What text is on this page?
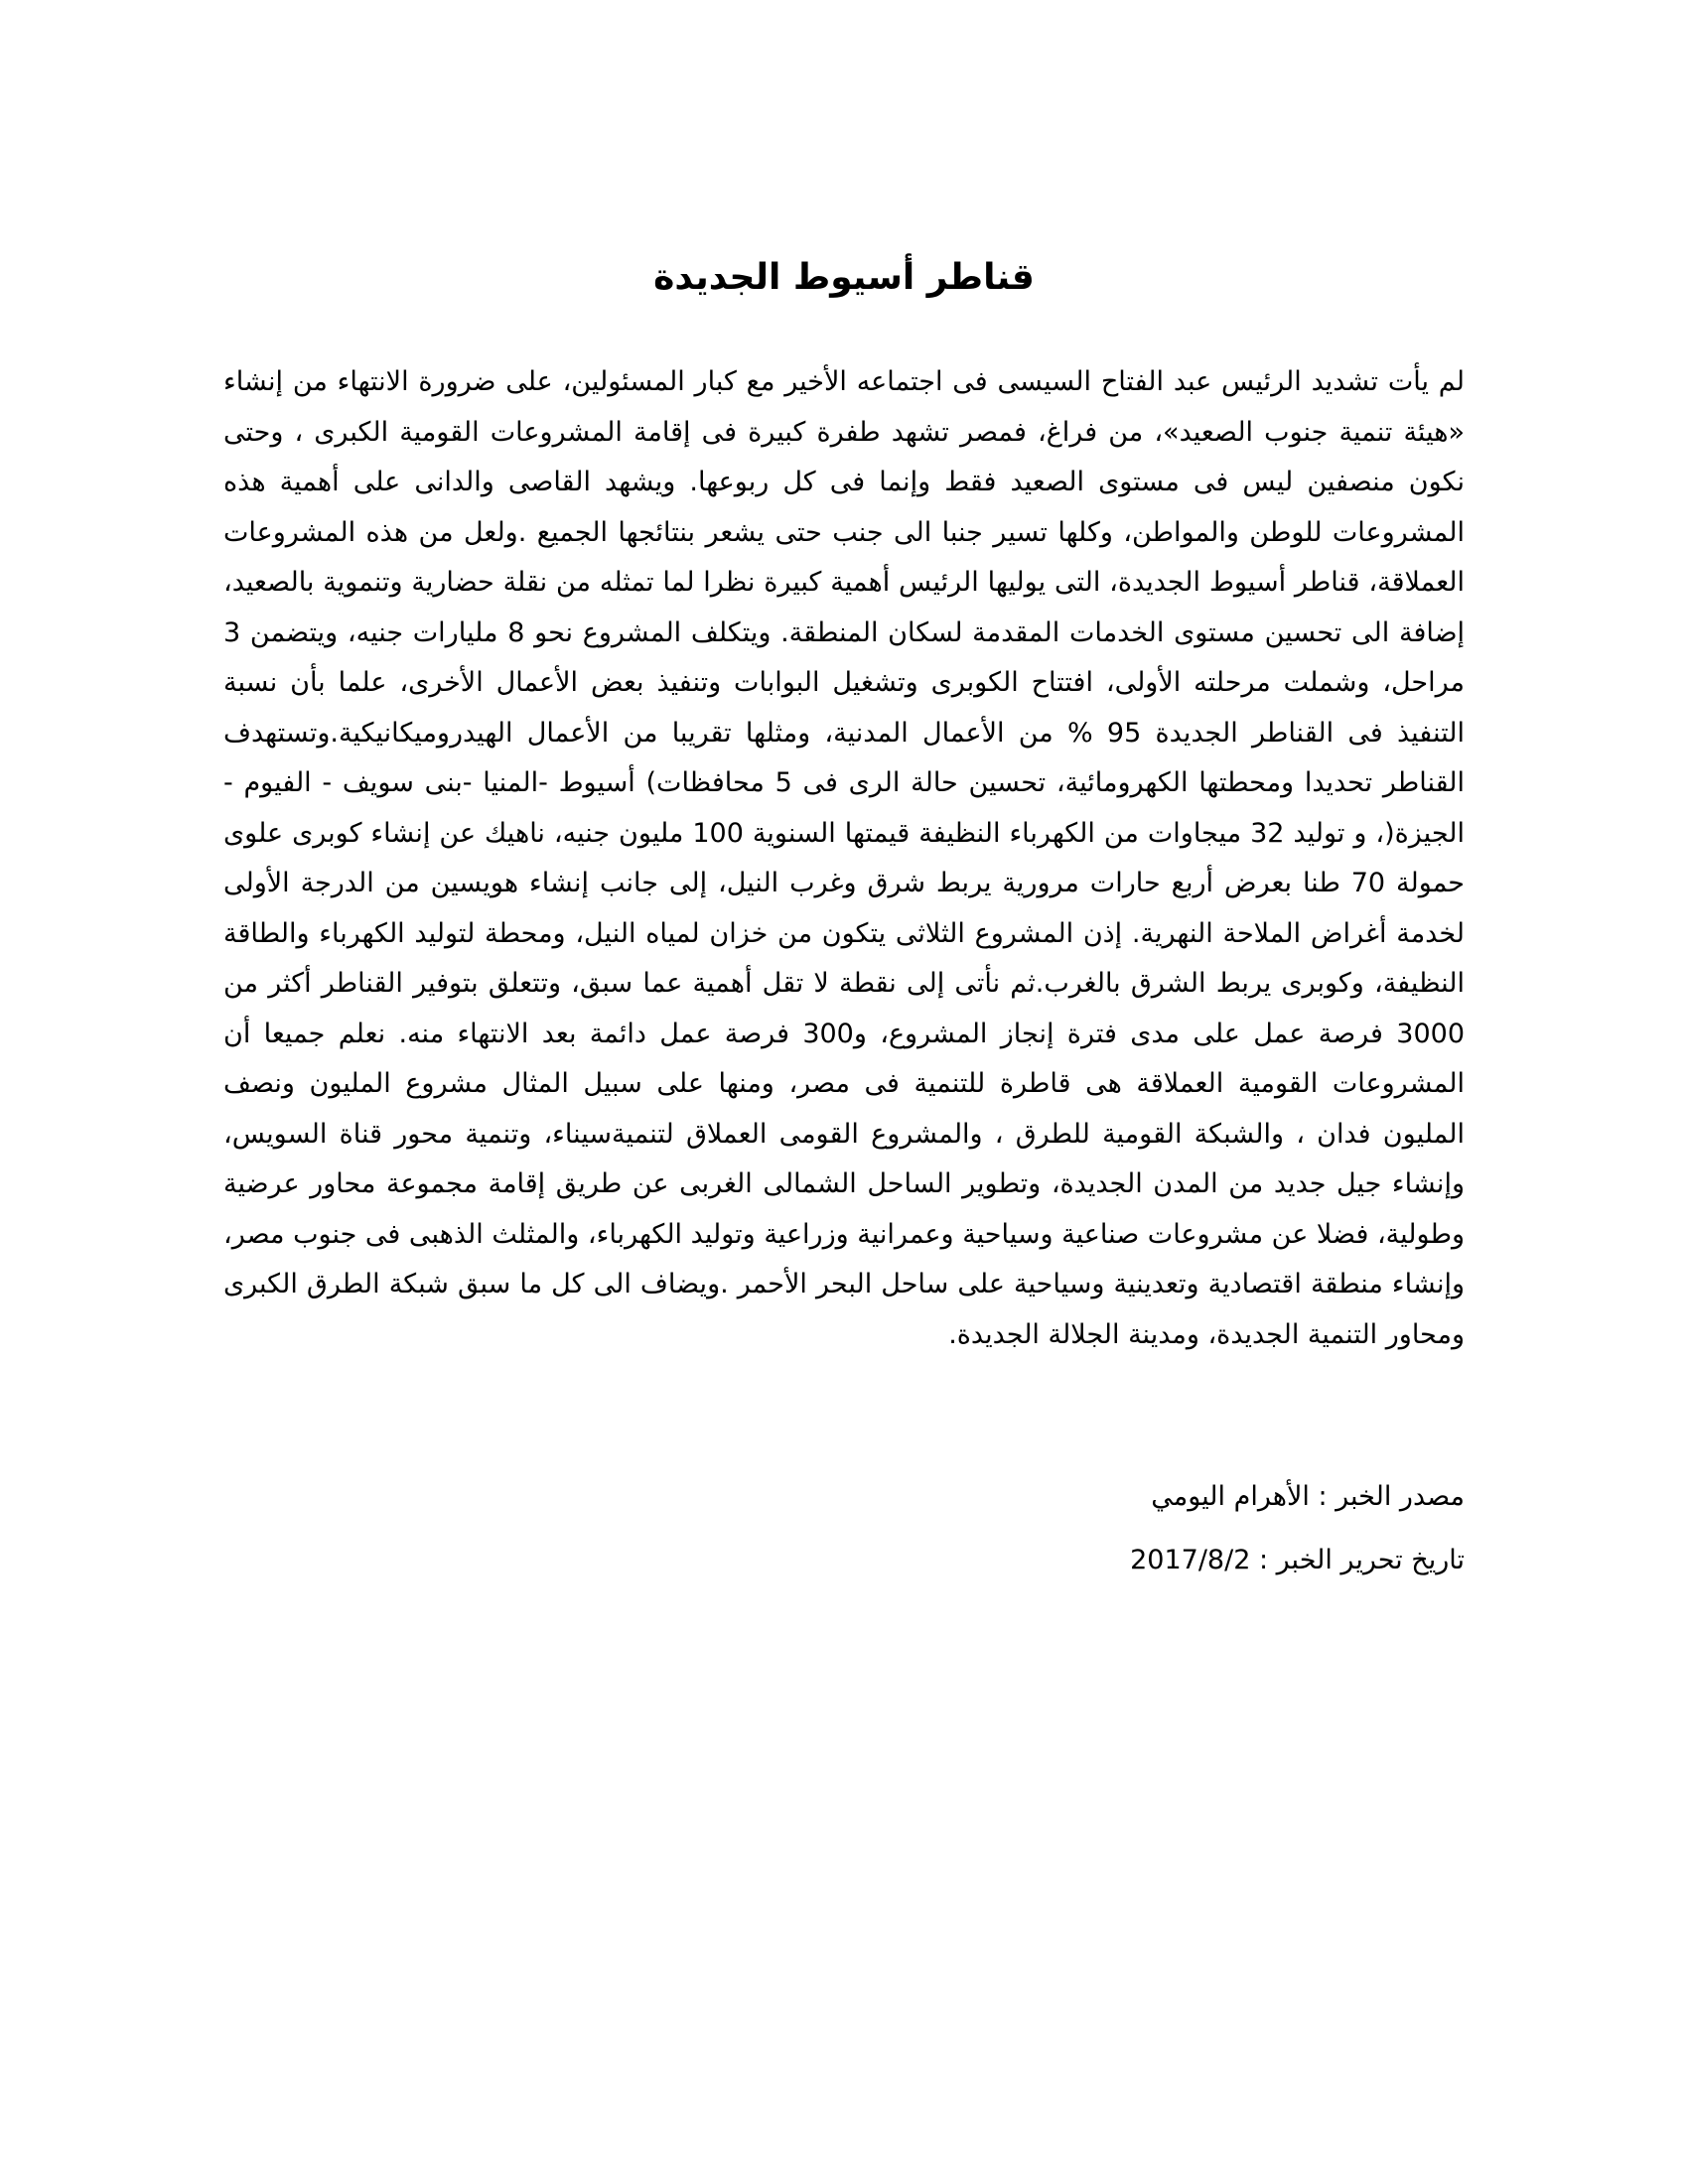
قناطر أسيوط الجديدة

لم يأت تشديد الرئيس عبد الفتاح السيسى فى اجتماعه الأخير مع كبار المسئولين، على ضرورة الانتهاء من إنشاء «هيئة تنمية جنوب الصعيد»، من فراغ، فمصر تشهد طفرة كبيرة فى إقامة المشروعات القومية الكبرى ، وحتى نكون منصفين ليس فى مستوى الصعيد فقط وإنما فى كل ربوعها. ويشهد القاصى والدانى على أهمية هذه المشروعات للوطن والمواطن، وكلها تسير جنبا الى جنب حتى يشعر بنتائجها الجميع .ولعل من هذه المشروعات العملاقة، قناطر أسيوط الجديدة، التى يوليها الرئيس أهمية كبيرة نظرا لما تمثله من نقلة حضارية وتنموية بالصعيد، إضافة الى تحسين مستوى الخدمات المقدمة لسكان المنطقة. ويتكلف المشروع نحو 8 مليارات جنيه، ويتضمن 3 مراحل، وشملت مرحلته الأولى، افتتاح الكوبرى وتشغيل البوابات وتنفيذ بعض الأعمال الأخرى، علما بأن نسبة التنفيذ فى القناطر الجديدة 95 % من الأعمال المدنية، ومثلها تقريبا من الأعمال الهيدروميكانيكية.وتستهدف القناطر تحديدا ومحطتها الكهرومائية، تحسين حالة الرى فى 5 محافظات) أسيوط -المنيا -بنى سويف - الفيوم - الجيزة(، و توليد 32 ميجاوات من الكهرباء النظيفة قيمتها السنوية 100 مليون جنيه، ناهيك عن إنشاء كوبرى علوى حمولة 70 طنا بعرض أربع حارات مرورية يربط شرق وغرب النيل، إلى جانب إنشاء هويسين من الدرجة الأولى لخدمة أغراض الملاحة النهرية. إذن المشروع الثلاثى يتكون من خزان لمياه النيل، ومحطة لتوليد الكهرباء والطاقة النظيفة، وكوبرى يربط الشرق بالغرب.ثم نأتى إلى نقطة لا تقل أهمية عما سبق، وتتعلق بتوفير القناطر أكثر من 3000 فرصة عمل على مدى فترة إنجاز المشروع، و300 فرصة عمل دائمة بعد الانتهاء منه. نعلم جميعا أن المشروعات القومية العملاقة هى قاطرة للتنمية فى مصر، ومنها على سبيل المثال مشروع المليون ونصف المليون فدان ، والشبكة القومية للطرق ، والمشروع القومى العملاق لتنميةسيناء، وتنمية محور قناة السويس، وإنشاء جيل جديد من المدن الجديدة، وتطوير الساحل الشمالى الغربى عن طريق إقامة مجموعة محاور عرضية وطولية، فضلا عن مشروعات صناعية وسياحية وعمرانية وزراعية وتوليد الكهرباء، والمثلث الذهبى فى جنوب مصر، وإنشاء منطقة اقتصادية وتعدينية وسياحية على ساحل البحر الأحمر .ويضاف الى كل ما سبق شبكة الطرق الكبرى ومحاور التنمية الجديدة، ومدينة الجلالة الجديدة.

مصدر الخبر : الأهرام اليومي

تاريخ تحرير الخبر : 2017/8/2
